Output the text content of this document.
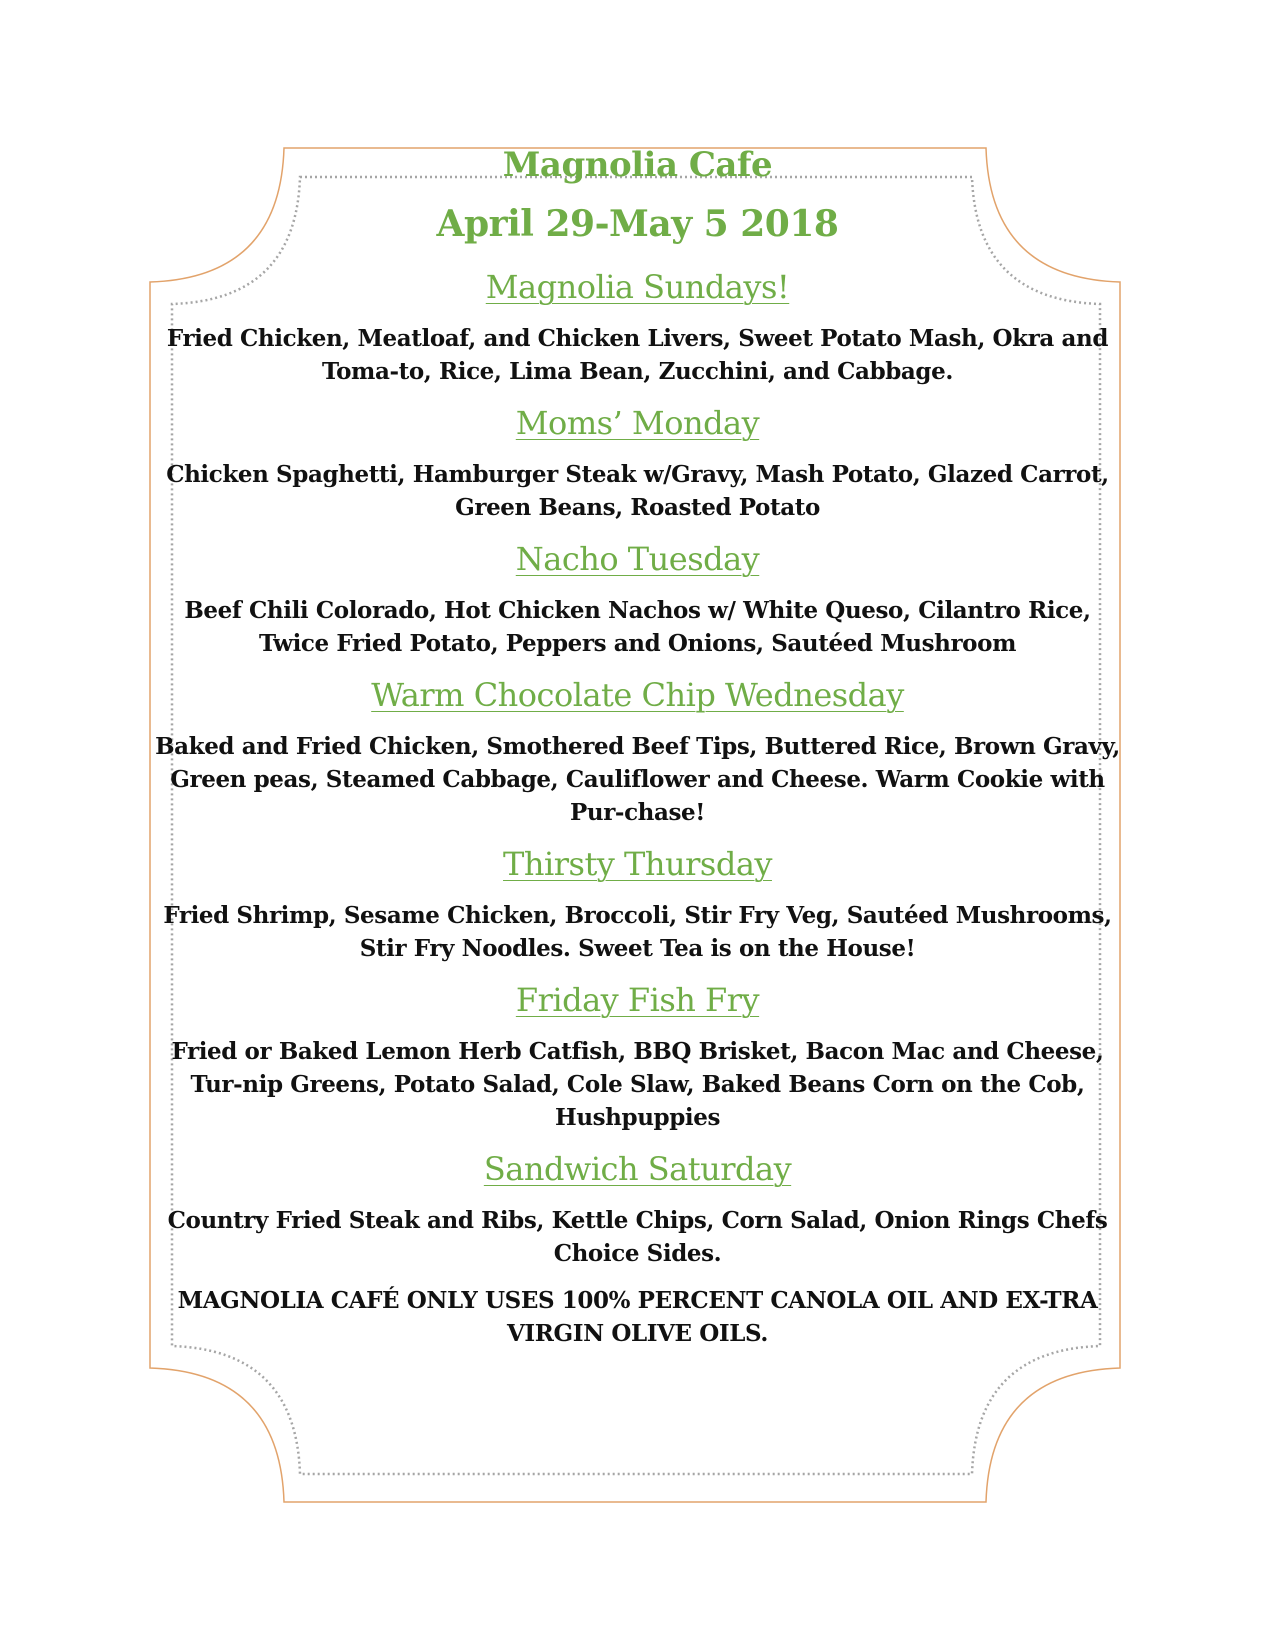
Magnolia Cafe
April 29-May 5 2018
Magnolia Sundays!

Fried Chicken, Meatloaf, and Chicken Livers, Sweet Potato Mash, Okra and Toma-to, Rice, Lima Bean, Zucchini, and Cabbage.

Moms’ Monday

Chicken Spaghetti, Hamburger Steak w/Gravy, Mash Potato, Glazed Carrot, Green Beans, Roasted Potato

Nacho Tuesday

Beef Chili Colorado, Hot Chicken Nachos w/ White Queso, Cilantro Rice, Twice Fried Potato, Peppers and Onions, Sautéed Mushroom

Warm Chocolate Chip Wednesday

Baked and Fried Chicken, Smothered Beef Tips, Buttered Rice, Brown Gravy, Green peas, Steamed Cabbage, Cauliflower and Cheese. Warm Cookie with Pur-chase!

Thirsty Thursday

Fried Shrimp, Sesame Chicken, Broccoli, Stir Fry Veg, Sautéed Mushrooms, Stir Fry Noodles. Sweet Tea is on the House!

Friday Fish Fry

Fried or Baked Lemon Herb Catfish, BBQ Brisket, Bacon Mac and Cheese, Tur-nip Greens, Potato Salad, Cole Slaw, Baked Beans Corn on the Cob, Hushpuppies

Sandwich Saturday

Country Fried Steak and Ribs, Kettle Chips, Corn Salad, Onion Rings Chefs Choice Sides.

MAGNOLIA CAFÉ ONLY USES 100% PERCENT CANOLA OIL AND EX-TRA VIRGIN OLIVE OILS.
